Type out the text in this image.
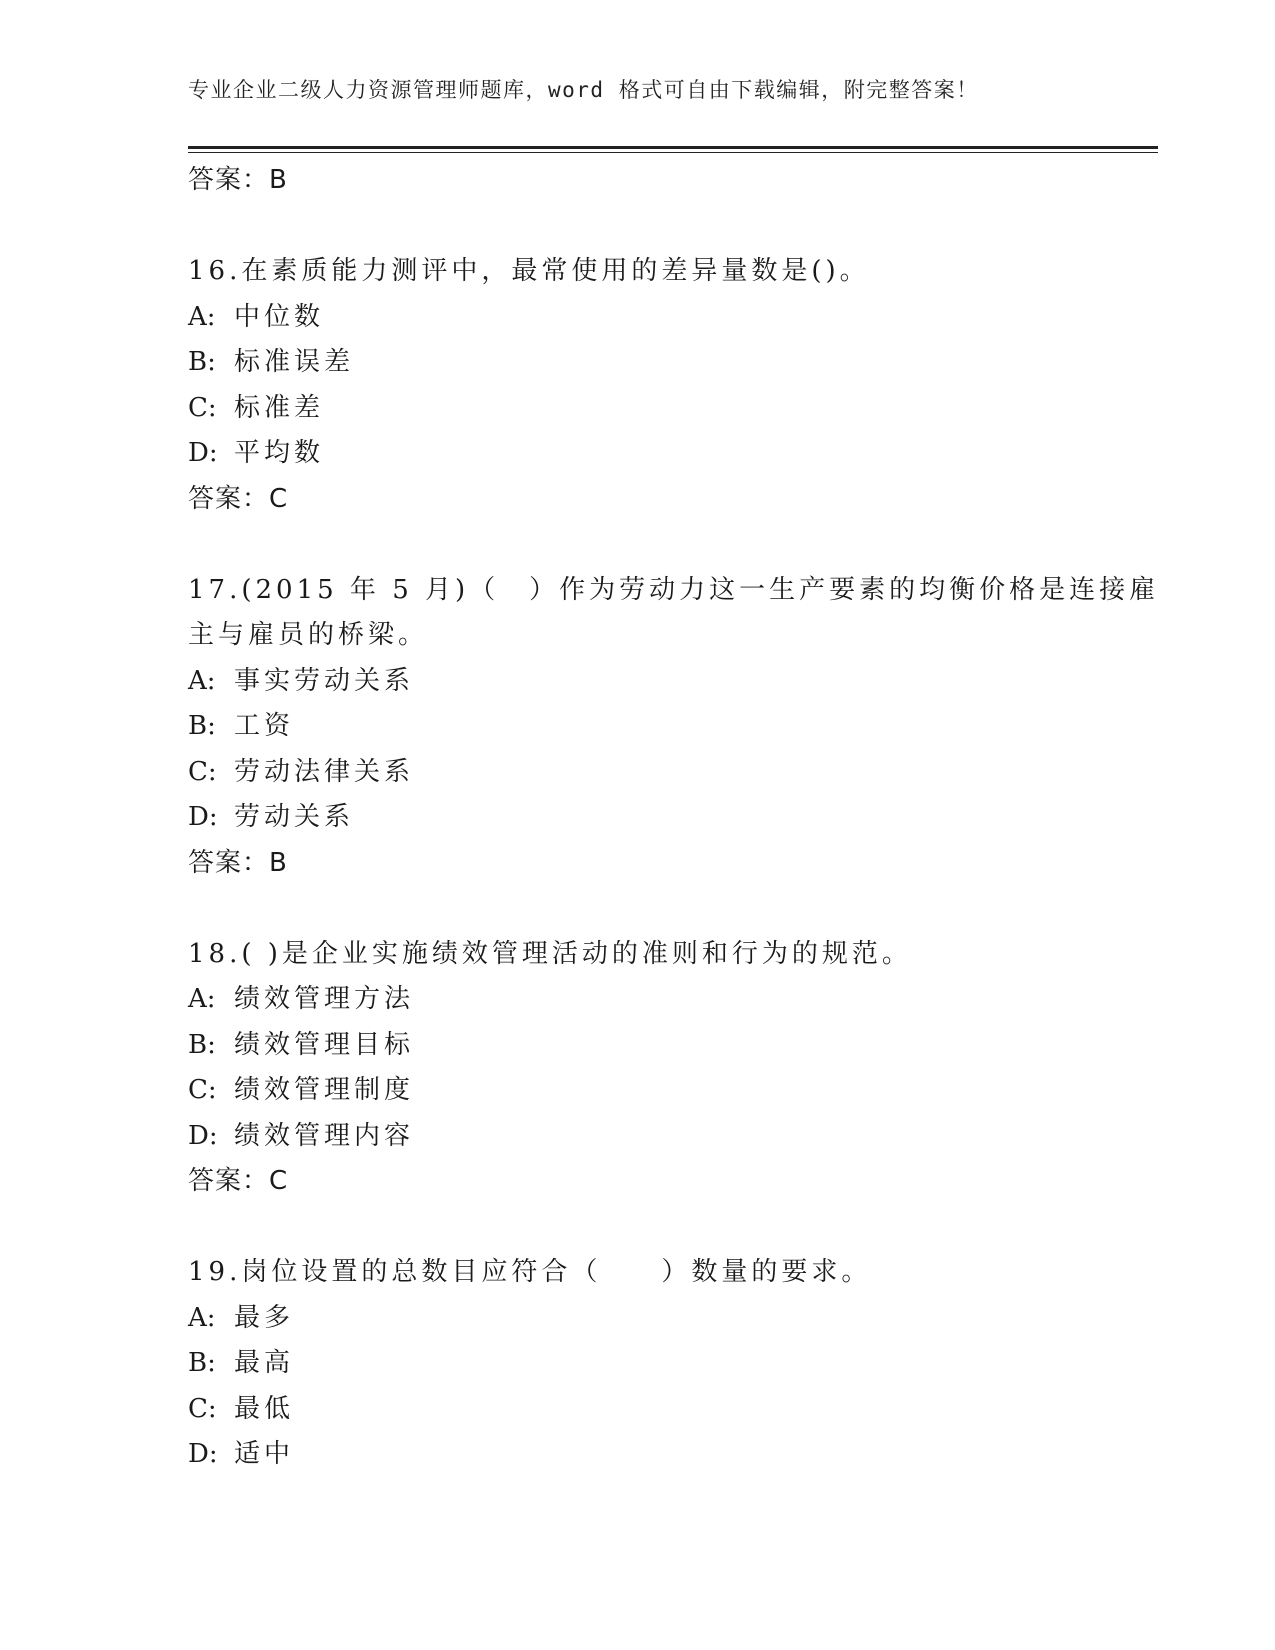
专业企业二级人力资源管理师题库，word 格式可自由下载编辑，附完整答案！
答案：B
16.在素质能力测评中，最常使用的差异量数是()。
A: 中位数
B: 标准误差
C: 标准差
D: 平均数
答案：C
17.(2015 年 5 月)（　）作为劳动力这一生产要素的均衡价格是连接雇
主与雇员的桥梁。
A: 事实劳动关系
B: 工资
C: 劳动法律关系
D: 劳动关系
答案：B
18.( )是企业实施绩效管理活动的准则和行为的规范。
A: 绩效管理方法
B: 绩效管理目标
C: 绩效管理制度
D: 绩效管理内容
答案：C
19.岗位设置的总数目应符合（　　）数量的要求。
A: 最多
B: 最高
C: 最低
D: 适中
